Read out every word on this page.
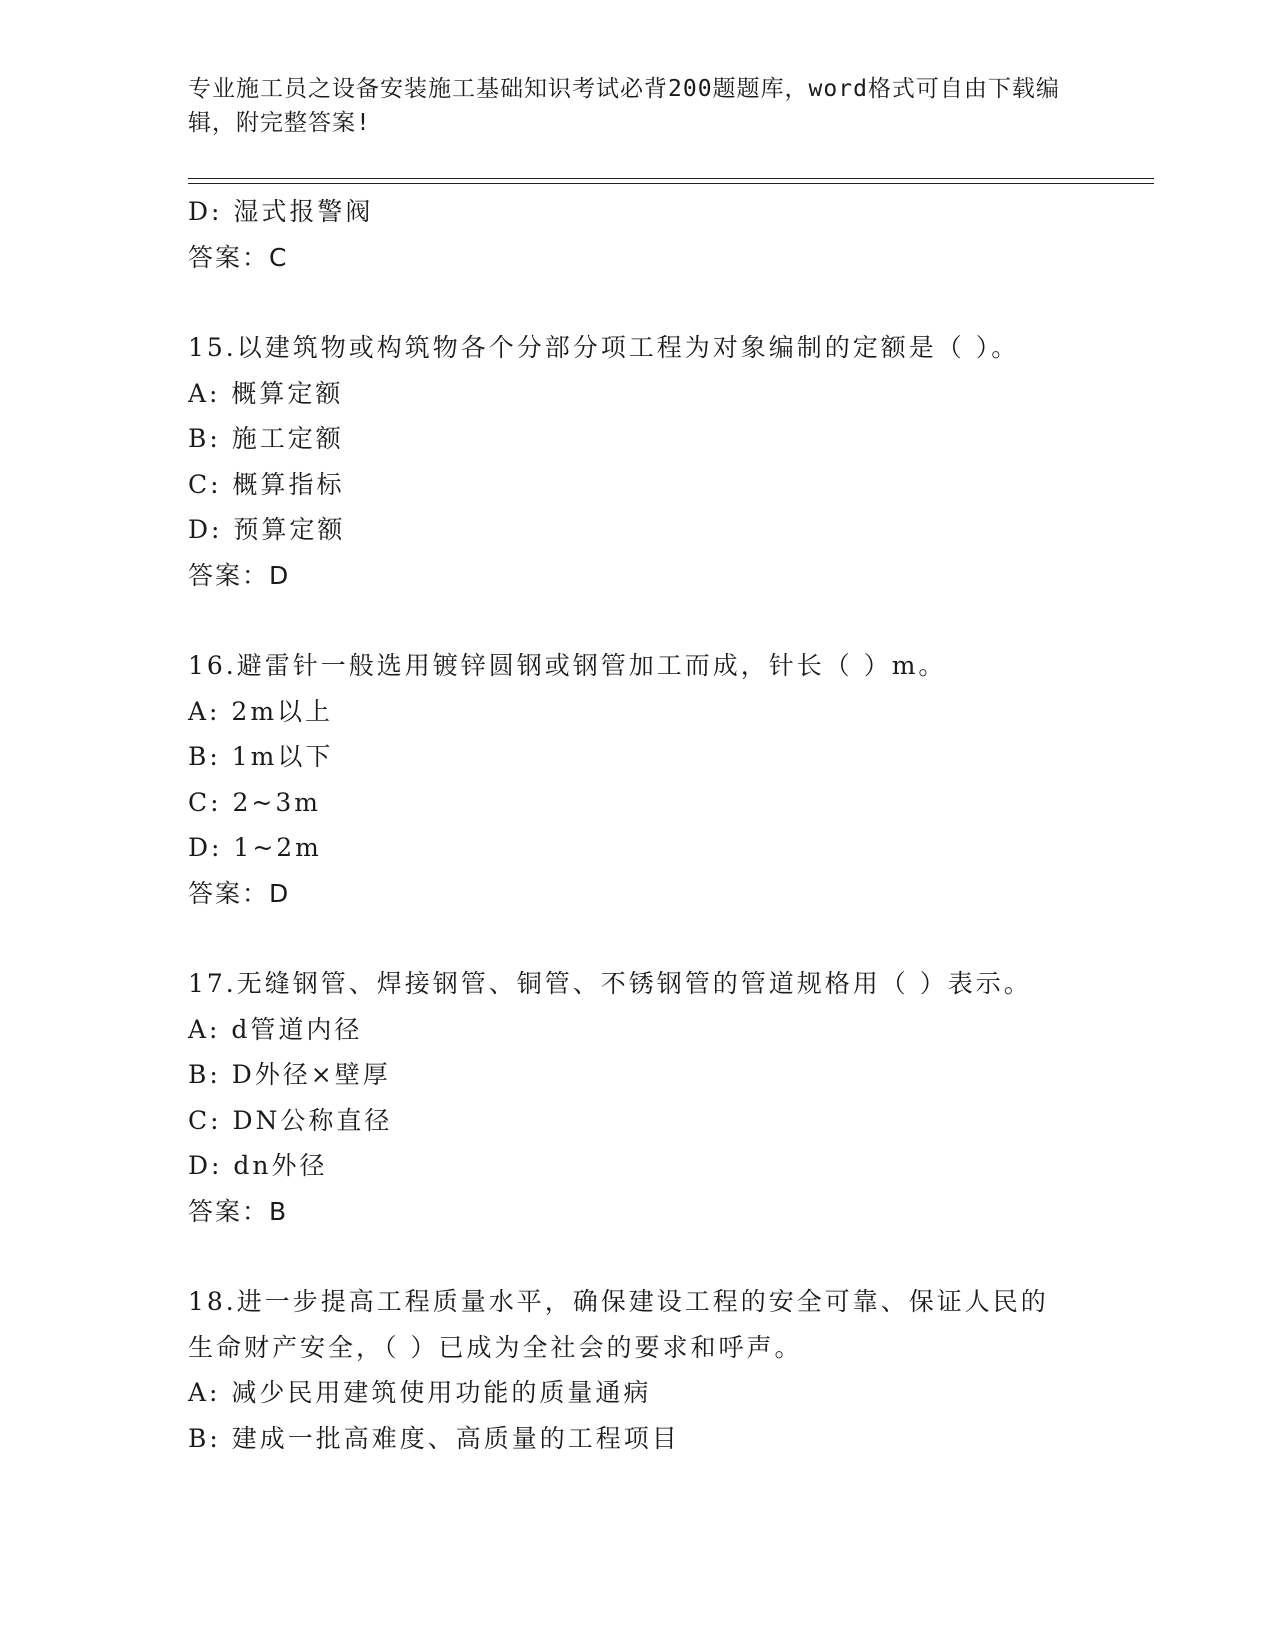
专业施工员之设备安装施工基础知识考试必背200题题库，word格式可自由下载编辑，附完整答案!
D: 湿式报警阀
答案：C
15.以建筑物或构筑物各个分部分项工程为对象编制的定额是（ ）。
A: 概算定额
B: 施工定额
C: 概算指标
D: 预算定额
答案：D
16.避雷针一般选用镀锌圆钢或钢管加工而成，针长（ ）m。
A: 2m以上
B: 1m以下
C: 2~3m
D: 1~2m
答案：D
17.无缝钢管、焊接钢管、铜管、不锈钢管的管道规格用（ ）表示。
A: d管道内径
B: D外径×壁厚
C: DN公称直径
D: dn外径
答案：B
18.进一步提高工程质量水平，确保建设工程的安全可靠、保证人民的
生命财产安全，（ ）已成为全社会的要求和呼声。
A: 减少民用建筑使用功能的质量通病
B: 建成一批高难度、高质量的工程项目
